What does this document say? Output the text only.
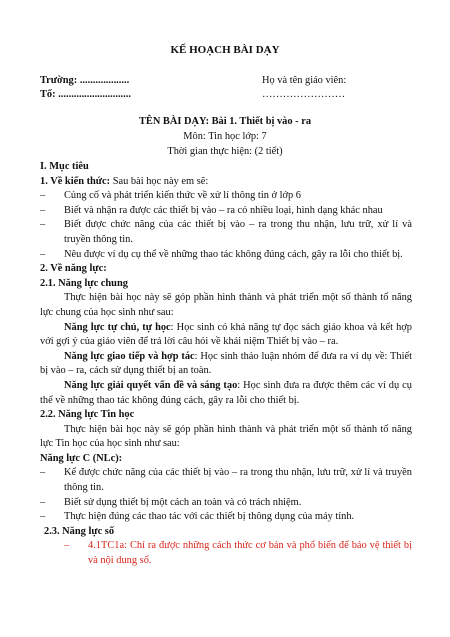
KẾ HOẠCH BÀI DẠY
Trường: ...................	Họ và tên giáo viên:
Tổ: ............................	……………………
TÊN BÀI DẠY: Bài 1. Thiết bị vào - ra
Môn: Tin học lớp: 7
Thời gian thực hiện: (2 tiết)

I. Mục tiêu

1. Về kiến thức: Sau bài học này em sẽ:

– Củng cố và phát triển kiến thức về xử lí thông tin ở lớp 6

– Biết và nhận ra được các thiết bị vào – ra có nhiều loại, hình dạng khác nhau

– Biết được chức năng của các thiết bị vào – ra trong thu nhận, lưu trữ, xử lí và truyền thông tin.

– Nêu được ví dụ cụ thể về những thao tác không đúng cách, gây ra lỗi cho thiết bị.

2. Về năng lực:

2.1. Năng lực chung

Thực hiện bài học này sẽ góp phần hình thành và phát triển một số thành tố năng lực chung của học sinh như sau:

Năng lực tự chủ, tự học: Học sinh có khả năng tự đọc sách giáo khoa và kết hợp với gợi ý của giáo viên để trả lời câu hỏi về khái niệm Thiết bị vào – ra.

Năng lực giao tiếp và hợp tác: Học sinh thảo luận nhóm để đưa ra ví dụ về: Thiết bị vào – ra, cách sử dụng thiết bị an toàn.

Năng lực giải quyết vấn đề và sáng tạo: Học sinh đưa ra được thêm các ví dụ cụ thể về những thao tác không đúng cách, gây ra lỗi cho thiết bị.

2.2. Năng lực Tin học

Thực hiện bài học này sẽ góp phần hình thành và phát triển một số thành tố năng lực Tin học của học sinh như sau:

Năng lực C (NLc):

– Kể được chức năng của các thiết bị vào – ra trong thu nhận, lưu trữ, xử lí và truyền thông tin.

– Biết sử dụng thiết bị một cách an toàn và có trách nhiệm.

– Thực hiện đúng các thao tác với các thiết bị thông dụng của máy tính.

2.3. Năng lực số

– 4.1TC1a: Chỉ ra được những cách thức cơ bản và phổ biến để bảo vệ thiết bị và nội dung số.
